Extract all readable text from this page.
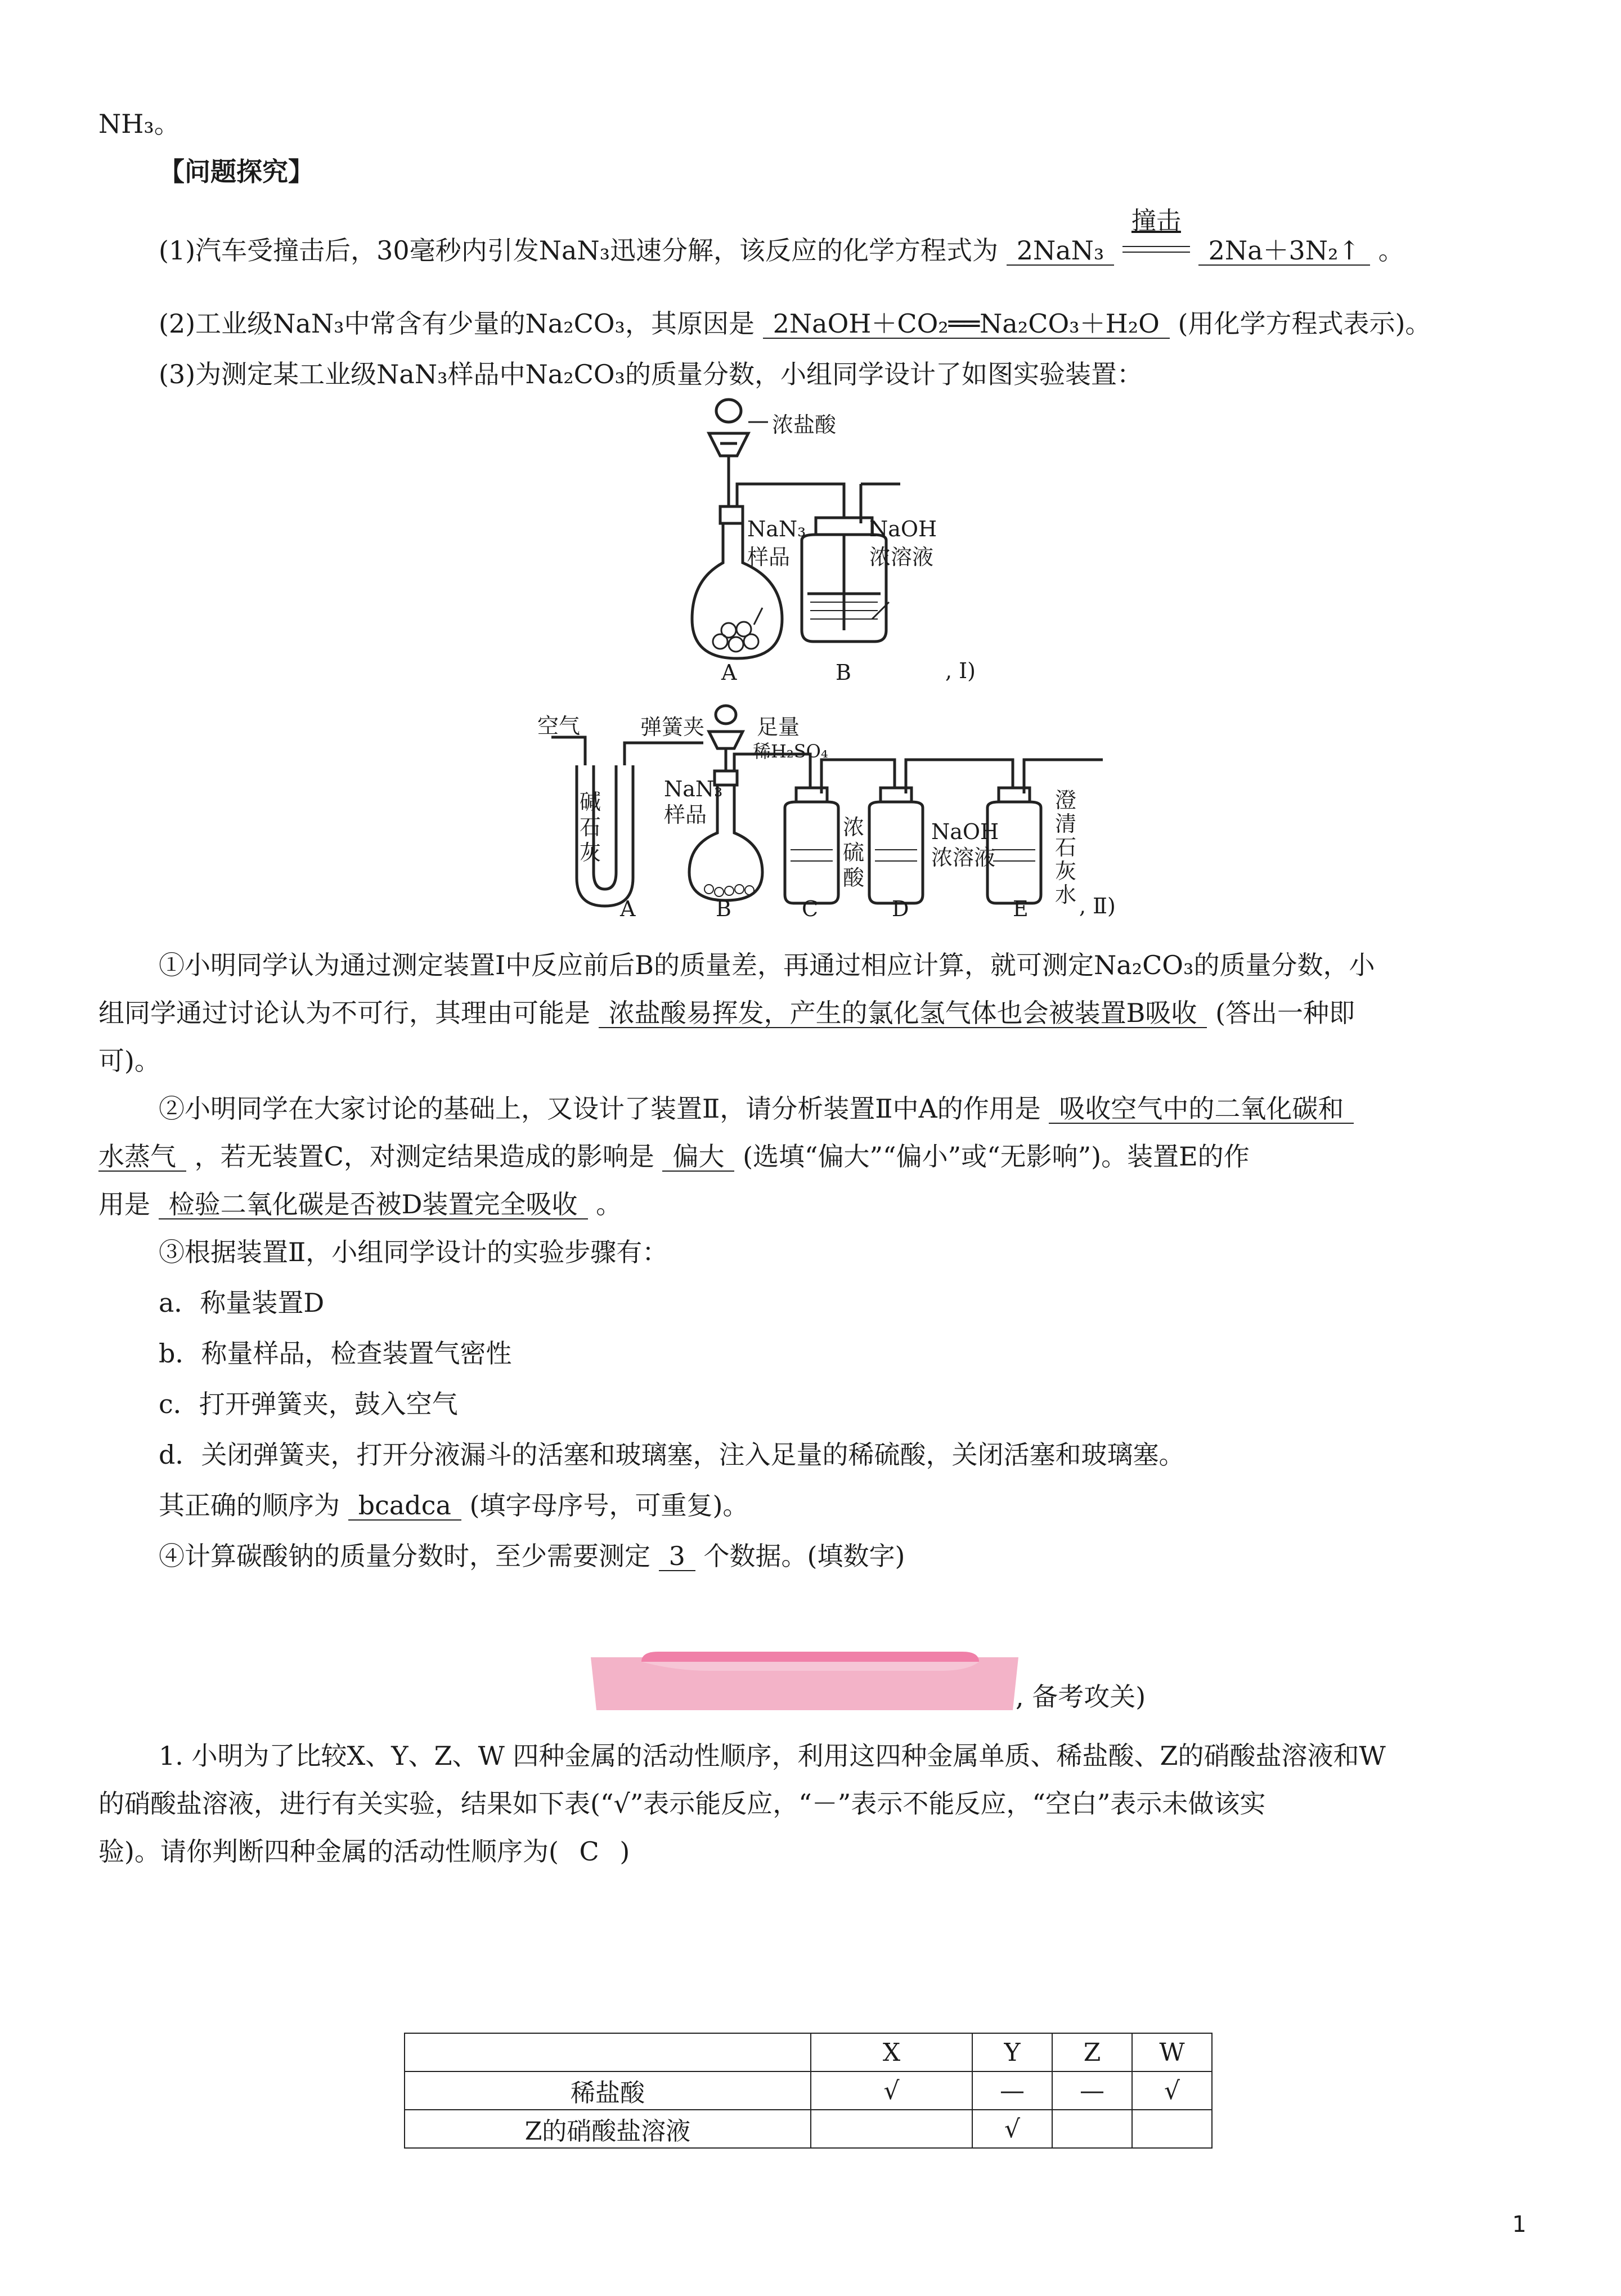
NH₃。
【问题探究】
(1)汽车受撞击后，30毫秒内引发NaN₃迅速分解，该反应的化学方程式为 2NaN₃
撞击
2Na＋3N₂↑ 。
(2)工业级NaN₃中常含有少量的Na₂CO₃，其原因是 2NaOH＋CO₂══Na₂CO₃＋H₂O (用化学方程式表示)。
(3)为测定某工业级NaN₃样品中Na₂CO₃的质量分数，小组同学设计了如图实验装置：
浓盐酸
NaN₃
样品
NaOH
浓溶液
A	B	, Ⅰ)
空气	弹簧夹 足量
稀H₂SO₄
碱
石
灰
NaN₃
样品	浓
硫
酸
NaOH
浓溶液
澄
清
石
灰
水
A	B	C	D	E , Ⅱ)
①小明同学认为通过测定装置Ⅰ中反应前后B的质量差，再通过相应计算，就可测定Na₂CO₃的质量分数，小
组同学通过讨论认为不可行，其理由可能是 浓盐酸易挥发，产生的氯化氢气体也会被装置B吸收 (答出一种即
可)。
②小明同学在大家讨论的基础上，又设计了装置Ⅱ，请分析装置Ⅱ中A的作用是 吸收空气中的二氧化碳和
水蒸气 ，若无装置C，对测定结果造成的影响是 偏大 (选填“偏大”“偏小”或“无影响”)。装置E的作
用是 检验二氧化碳是否被D装置完全吸收 。
③根据装置Ⅱ，小组同学设计的实验步骤有：
a．称量装置D
b．称量样品，检查装置气密性
c．打开弹簧夹，鼓入空气
d．关闭弹簧夹，打开分液漏斗的活塞和玻璃塞，注入足量的稀硫酸，关闭活塞和玻璃塞。
其正确的顺序为 bcadca (填字母序号，可重复)。
④计算碳酸钠的质量分数时，至少需要测定 3 个数据。(填数字)
, 备考攻关)
1. 小明为了比较X、Y、Z、W 四种金属的活动性顺序，利用这四种金属单质、稀盐酸、Z的硝酸盐溶液和W
的硝酸盐溶液，进行有关实验，结果如下表(“√”表示能反应，“－”表示不能反应，“空白”表示未做该实
验)。请你判断四种金属的活动性顺序为( C )
	X	Y	Z	W
稀盐酸	√	—	—	√
Z的硝酸盐溶液		√		
1
